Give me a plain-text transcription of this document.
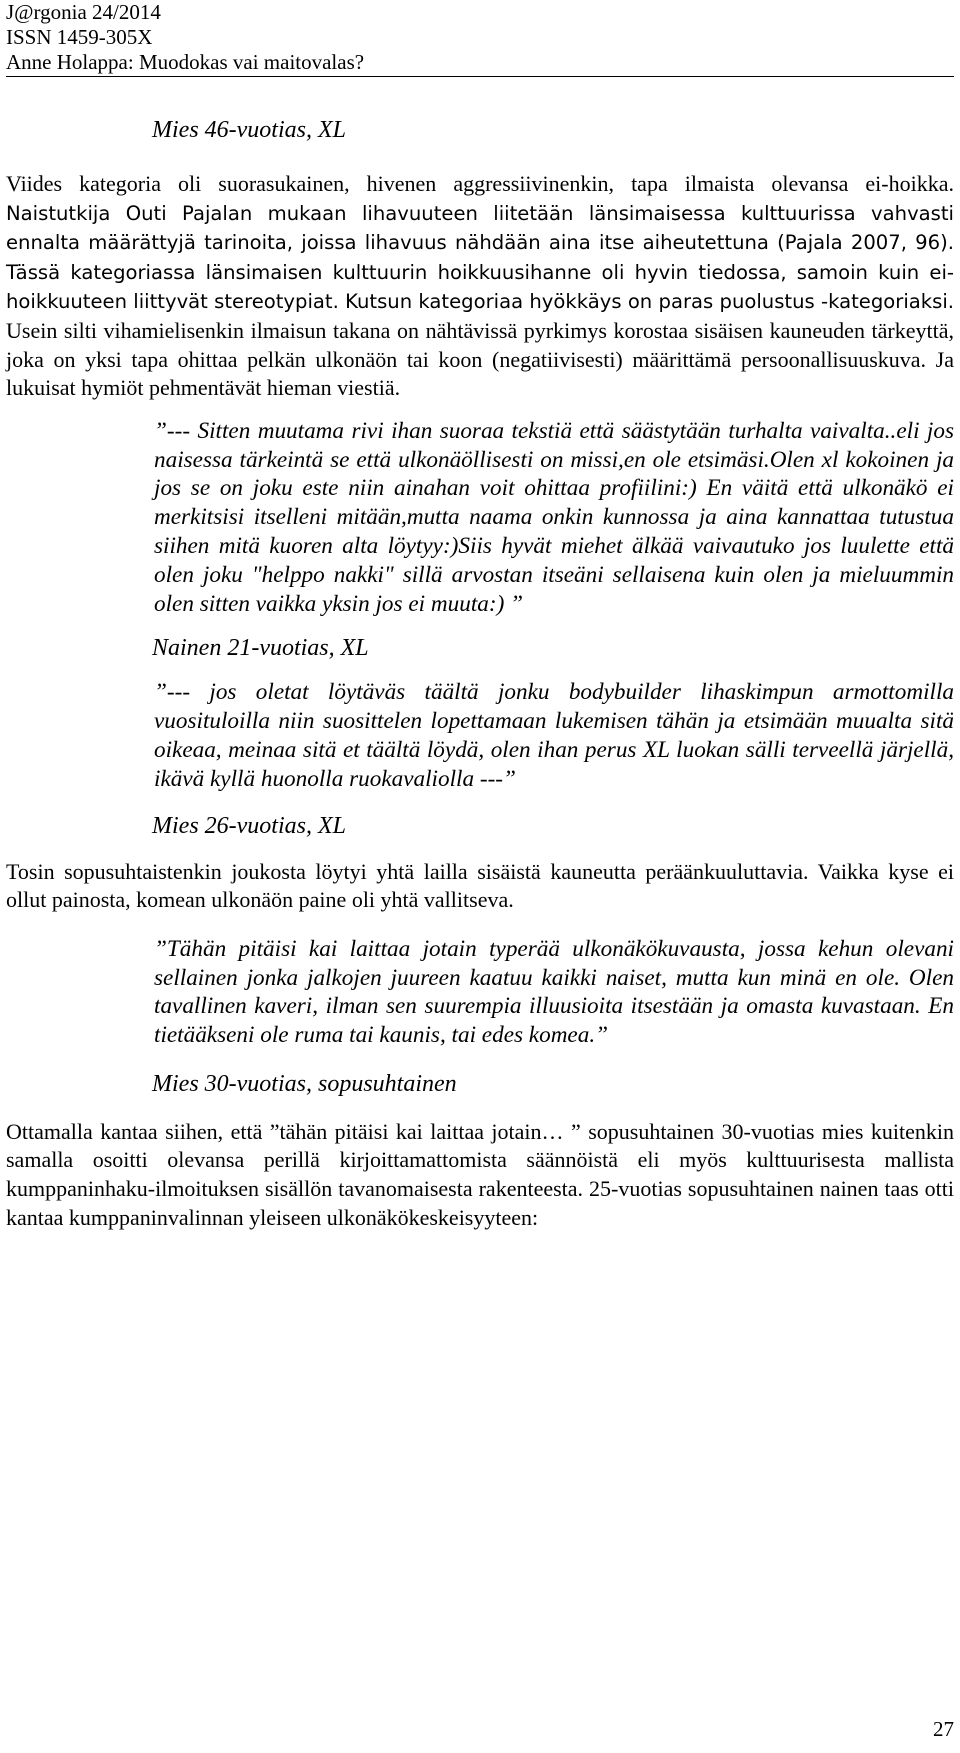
J@rgonia 24/2014
ISSN 1459-305X
Anne Holappa: Muodokas vai maitovalas?

Mies 46-vuotias, XL

Viides kategoria oli suorasukainen, hivenen aggressiivinenkin, tapa ilmaista olevansa ei-hoikka. Naistutkija Outi Pajalan mukaan lihavuuteen liitetään länsimaisessa kulttuurissa vahvasti ennalta määrättyjä tarinoita, joissa lihavuus nähdään aina itse aiheutettuna (Pajala 2007, 96). Tässä kategoriassa länsimaisen kulttuurin hoikkuusihanne oli hyvin tiedossa, samoin kuin ei-hoikkuuteen liittyvät stereotypiat. Kutsun kategoriaa hyökkäys on paras puolustus -kategoriaksi. Usein silti vihamielisenkin ilmaisun takana on nähtävissä pyrkimys korostaa sisäisen kauneuden tärkeyttä, joka on yksi tapa ohittaa pelkän ulkonäön tai koon (negatiivisesti) määrittämä persoonallisuuskuva. Ja lukuisat hymiöt pehmentävät hieman viestiä.

”--- Sitten muutama rivi ihan suoraa tekstiä että säästytään turhalta vaivalta..eli jos naisessa tärkeintä se että ulkonäöllisesti on missi,en ole etsimäsi.Olen xl kokoinen ja jos se on joku este niin ainahan voit ohittaa profiilini:) En väitä että ulkonäkö ei merkitsisi itselleni mitään,mutta naama onkin kunnossa ja aina kannattaa tutustua siihen mitä kuoren alta löytyy:)Siis hyvät miehet älkää vaivautuko jos luulette että olen joku "helppo nakki" sillä arvostan itseäni sellaisena kuin olen ja mieluummin olen sitten vaikka yksin jos ei muuta:) ”

Nainen 21-vuotias, XL

”--- jos oletat löytäväs täältä jonku bodybuilder lihaskimpun armottomilla vuosituloilla niin suosittelen lopettamaan lukemisen tähän ja etsimään muualta sitä oikeaa, meinaa sitä et täältä löydä, olen ihan perus XL luokan sälli terveellä järjellä, ikävä kyllä huonolla ruokavaliolla ---”

Mies 26-vuotias, XL

Tosin sopusuhtaistenkin joukosta löytyi yhtä lailla sisäistä kauneutta peräänkuuluttavia. Vaikka kyse ei ollut painosta, komean ulkonäön paine oli yhtä vallitseva.

”Tähän pitäisi kai laittaa jotain typerää ulkonäkökuvausta, jossa kehun olevani sellainen jonka jalkojen juureen kaatuu kaikki naiset, mutta kun minä en ole. Olen tavallinen kaveri, ilman sen suurempia illuusioita itsestään ja omasta kuvastaan. En tietääkseni ole ruma tai kaunis, tai edes komea.”

Mies 30-vuotias, sopusuhtainen

Ottamalla kantaa siihen, että ”tähän pitäisi kai laittaa jotain… ” sopusuhtainen 30-vuotias mies kuitenkin samalla osoitti olevansa perillä kirjoittamattomista säännöistä eli myös kulttuurisesta mallista kumppaninhaku-ilmoituksen sisällön tavanomaisesta rakenteesta. 25-vuotias sopusuhtainen nainen taas otti kantaa kumppaninvalinnan yleiseen ulkonäkökeskeisyyteen:

27
